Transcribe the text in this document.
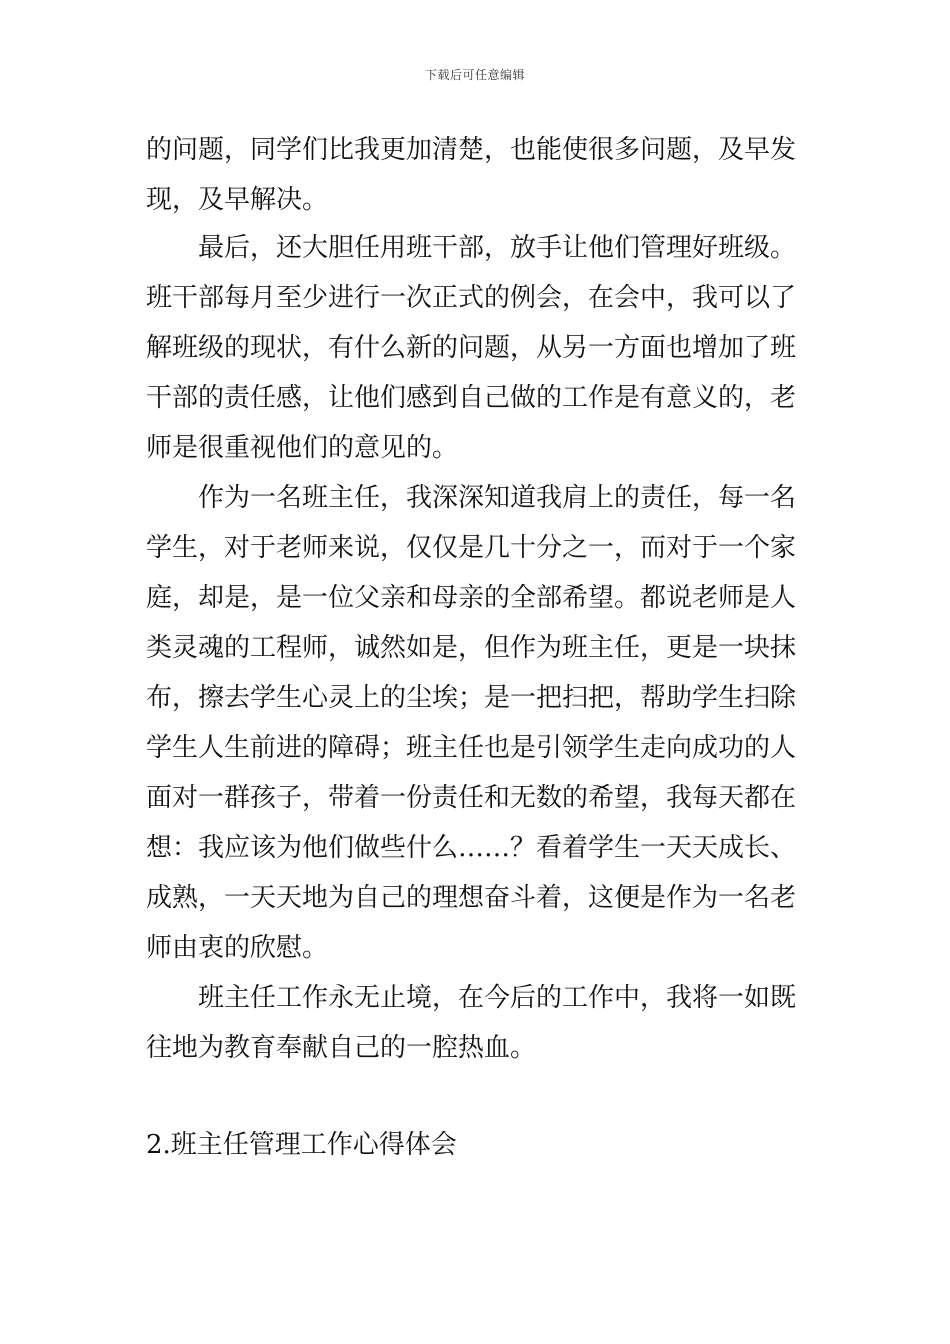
下载后可任意编辑
的问题，同学们比我更加清楚，也能使很多问题，及早发
现，及早解决。
最后，还大胆任用班干部，放手让他们管理好班级。
班干部每月至少进行一次正式的例会，在会中，我可以了
解班级的现状，有什么新的问题，从另一方面也增加了班
干部的责任感，让他们感到自己做的工作是有意义的，老
师是很重视他们的意见的。
作为一名班主任，我深深知道我肩上的责任，每一名
学生，对于老师来说，仅仅是几十分之一，而对于一个家
庭，却是，是一位父亲和母亲的全部希望。都说老师是人
类灵魂的工程师，诚然如是，但作为班主任，更是一块抹
布，擦去学生心灵上的尘埃；是一把扫把，帮助学生扫除
学生人生前进的障碍；班主任也是引领学生走向成功的人
面对一群孩子，带着一份责任和无数的希望，我每天都在
想：我应该为他们做些什么……？看着学生一天天成长、
成熟，一天天地为自己的理想奋斗着，这便是作为一名老
师由衷的欣慰。
班主任工作永无止境，在今后的工作中，我将一如既
往地为教育奉献自己的一腔热血。
2.班主任管理工作心得体会
